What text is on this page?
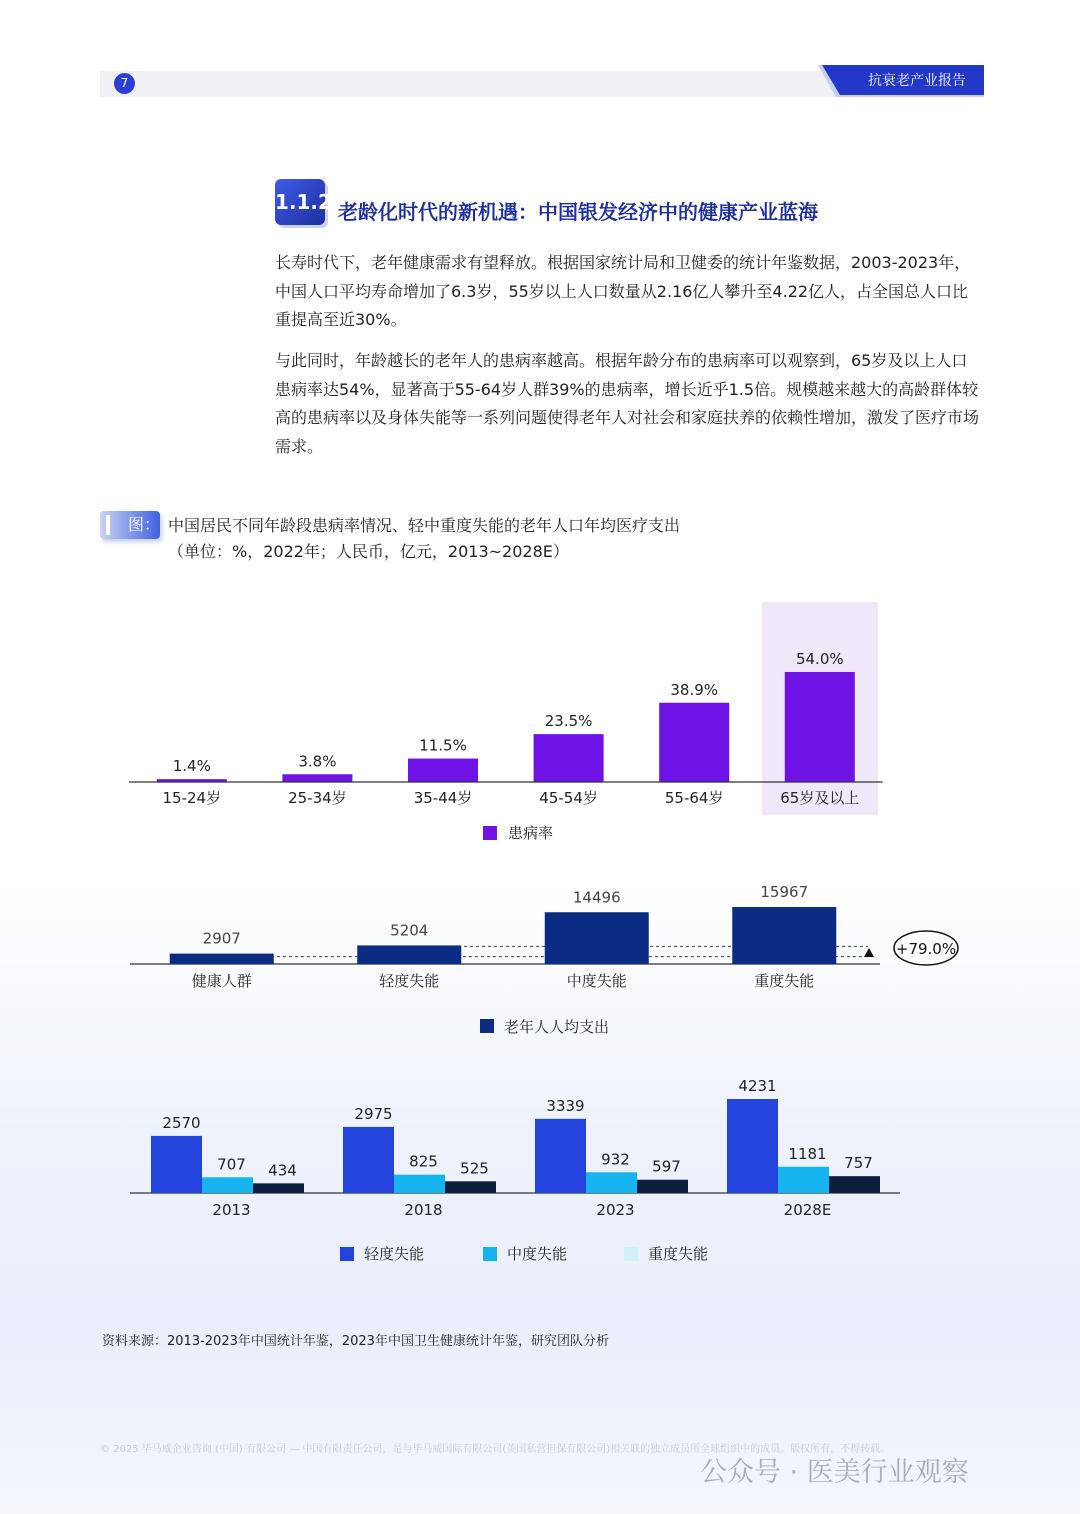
7	抗衰老产业报告
1.1.2 老龄化时代的新机遇：中国银发经济中的健康产业蓝海

长寿时代下，老年健康需求有望释放。根据国家统计局和卫健委的统计年鉴数据，2003-2023年，中国人口平均寿命增加了6.3岁，55岁以上人口数量从2.16亿人攀升至4.22亿人，占全国总人口比重提高至近30%。

与此同时，年龄越长的老年人的患病率越高。根据年龄分布的患病率可以观察到，65岁及以上人口患病率达54%，显著高于55-64岁人群39%的患病率，增长近乎1.5倍。规模越来越大的高龄群体较高的患病率以及身体失能等一系列问题使得老年人对社会和家庭扶养的依赖性增加，激发了医疗市场需求。

图： 中国居民不同年龄段患病率情况、轻中重度失能的老年人口年均医疗支出
（单位：%，2022年；人民币，亿元，2013~2028E）
1.4%
15-24岁
3.8%
25-34岁
11.5%
35-44岁
23.5%
45-54岁
38.9%
55-64岁
54.0%
65岁及以上
患病率
2907
健康人群
5204
轻度失能
14496
中度失能
15967
重度失能
+79.0%
老年人人均支出
2570
707 434
2013
2975
825 525
2018
3339
932 597
2023
4231
1181
757
2028E
轻度失能	中度失能	重度失能
资料来源：2013-2023年中国统计年鉴，2023年中国卫生健康统计年鉴，研究团队分析
© 2025 毕马威企业咨询 (中国) 有限公司 — 中国有限责任公司，是与毕马威国际有限公司(英国私营担保有限公司)相关联的独立成员所全球组织中的成员。版权所有，不得转载。
公众号 · 医美行业观察
